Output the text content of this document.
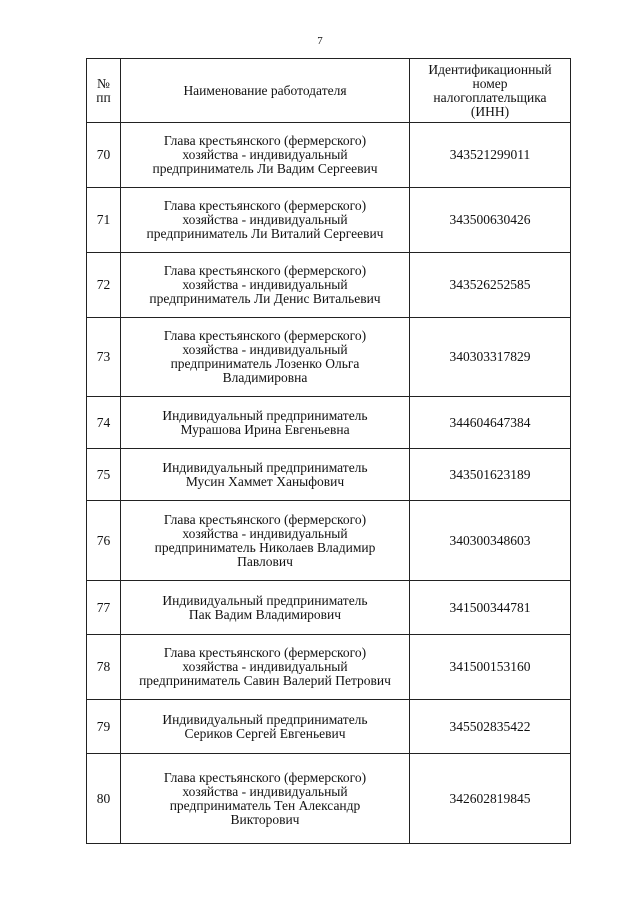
7
№
пп	Наименование работодателя	Идентификационный
номер
налогоплательщика
(ИНН)
70	Глава крестьянского (фермерского)
хозяйства - индивидуальный
предприниматель Ли Вадим Сергеевич	343521299011
71	Глава крестьянского (фермерского)
хозяйства - индивидуальный
предприниматель Ли Виталий Сергеевич	343500630426
72	Глава крестьянского (фермерского)
хозяйства - индивидуальный
предприниматель Ли Денис Витальевич	343526252585
73	Глава крестьянского (фермерского)
хозяйства - индивидуальный
предприниматель Лозенко Ольга
Владимировна	340303317829
74	Индивидуальный предприниматель
Мурашова Ирина Евгеньевна	344604647384
75	Индивидуальный предприниматель
Мусин Хаммет Ханыфович	343501623189
76	Глава крестьянского (фермерского)
хозяйства - индивидуальный
предприниматель Николаев Владимир
Павлович	340300348603
77	Индивидуальный предприниматель
Пак Вадим Владимирович	341500344781
78	Глава крестьянского (фермерского)
хозяйства - индивидуальный
предприниматель Савин Валерий Петрович	341500153160
79	Индивидуальный предприниматель
Сериков Сергей Евгеньевич	345502835422
80	Глава крестьянского (фермерского)
хозяйства - индивидуальный
предприниматель Тен Александр
Викторович	342602819845
